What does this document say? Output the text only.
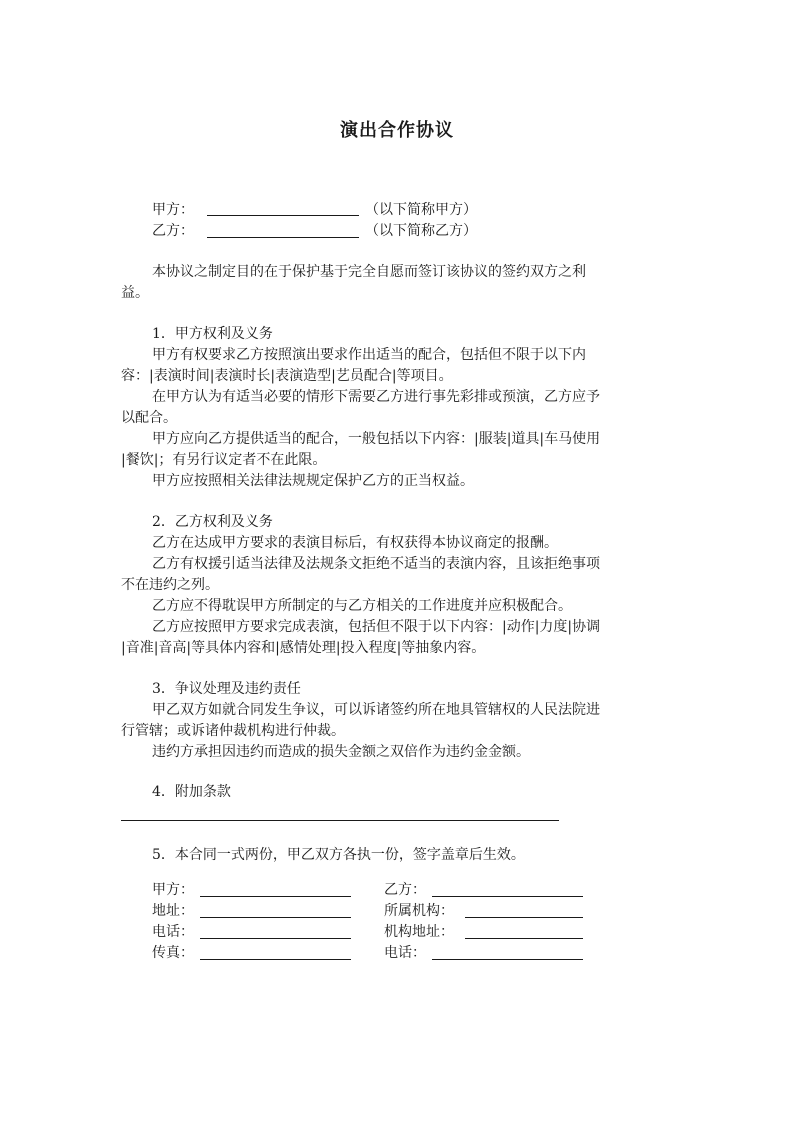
演出合作协议
甲方：	（以下简称甲方）
乙方：	（以下简称乙方）
本协议之制定目的在于保护基于完全自愿而签订该协议的签约双方之利
益。
1．甲方权利及义务
甲方有权要求乙方按照演出要求作出适当的配合，包括但不限于以下内
容：|表演时间|表演时长|表演造型|艺员配合|等项目。
在甲方认为有适当必要的情形下需要乙方进行事先彩排或预演，乙方应予
以配合。
甲方应向乙方提供适当的配合，一般包括以下内容：|服装|道具|车马使用
|餐饮|；有另行议定者不在此限。
甲方应按照相关法律法规规定保护乙方的正当权益。
2．乙方权利及义务
乙方在达成甲方要求的表演目标后，有权获得本协议商定的报酬。
乙方有权援引适当法律及法规条文拒绝不适当的表演内容，且该拒绝事项
不在违约之列。
乙方应不得耽误甲方所制定的与乙方相关的工作进度并应积极配合。
乙方应按照甲方要求完成表演，包括但不限于以下内容：|动作|力度|协调
|音准|音高|等具体内容和|感情处理|投入程度|等抽象内容。
3．争议处理及违约责任
甲乙双方如就合同发生争议，可以诉诸签约所在地具管辖权的人民法院进
行管辖；或诉诸仲裁机构进行仲裁。
违约方承担因违约而造成的损失金额之双倍作为违约金金额。
4．附加条款
5．本合同一式两份，甲乙双方各执一份，签字盖章后生效。
甲方：
地址：
电话：
传真：
乙方：
所属机构：
机构地址：
电话：
